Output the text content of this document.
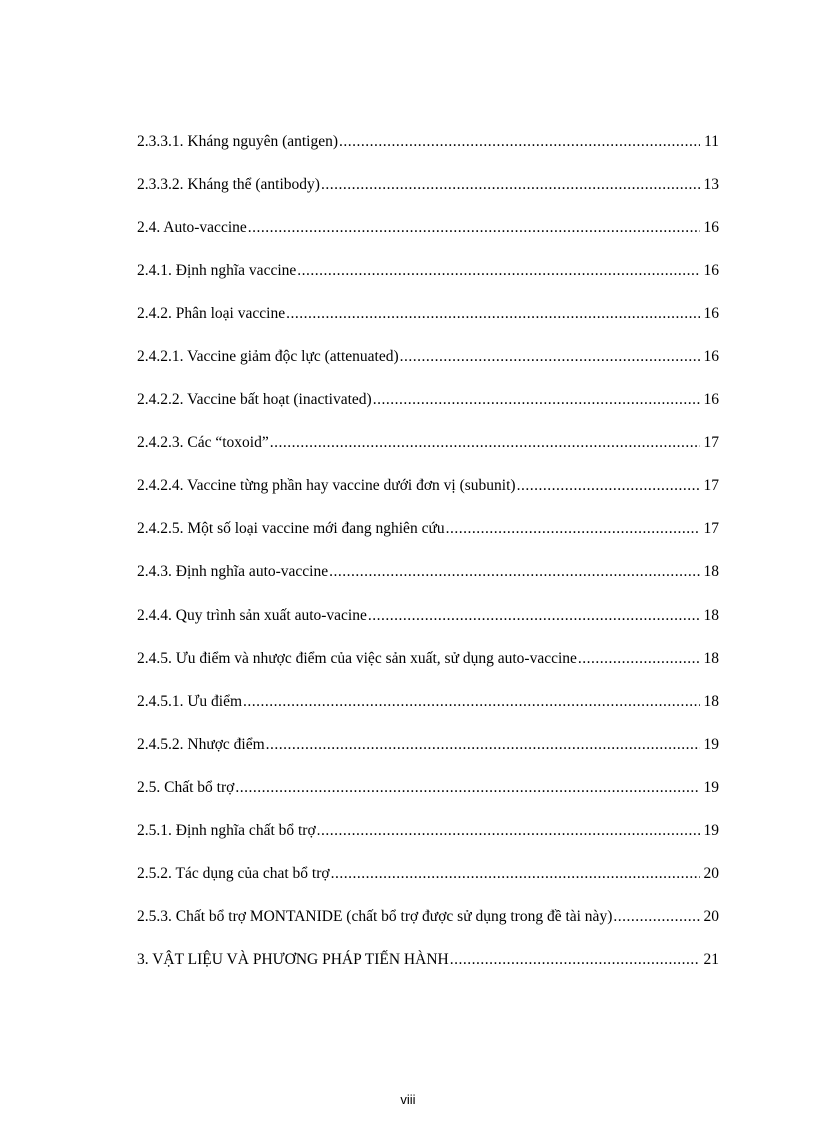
2.3.3.1. Kháng nguyên (antigen) .....	11
2.3.3.2. Kháng thể (antibody) .....	13
2.4. Auto-vaccine .....	16
2.4.1. Định nghĩa vaccine .....	16
2.4.2. Phân loại vaccine .....	16
2.4.2.1. Vaccine giảm độc lực (attenuated) .....	16
2.4.2.2. Vaccine bất hoạt (inactivated) .....	16
2.4.2.3. Các “toxoid” .....	17
2.4.2.4. Vaccine từng phần hay vaccine dưới đơn vị (subunit) .....	17
2.4.2.5. Một số loại vaccine mới đang nghiên cứu .....	17
2.4.3. Định nghĩa auto-vaccine .....	18
2.4.4. Quy trình sản xuất auto-vacine .....	18
2.4.5. Ưu điểm và nhược điểm của việc sản xuất, sử dụng auto-vaccine .....	18
2.4.5.1. Ưu điểm .....	18
2.4.5.2. Nhược điểm .....	19
2.5. Chất bổ trợ .....	19
2.5.1. Định nghĩa chất bổ trợ .....	19
2.5.2. Tác dụng của chat bổ trợ .....	20
2.5.3. Chất bổ trợ MONTANIDE (chất bổ trợ được sử dụng trong đề tài này) .....	20
3. VẬT LIỆU VÀ PHƯƠNG PHÁP TIẾN HÀNH .....	21
viii
